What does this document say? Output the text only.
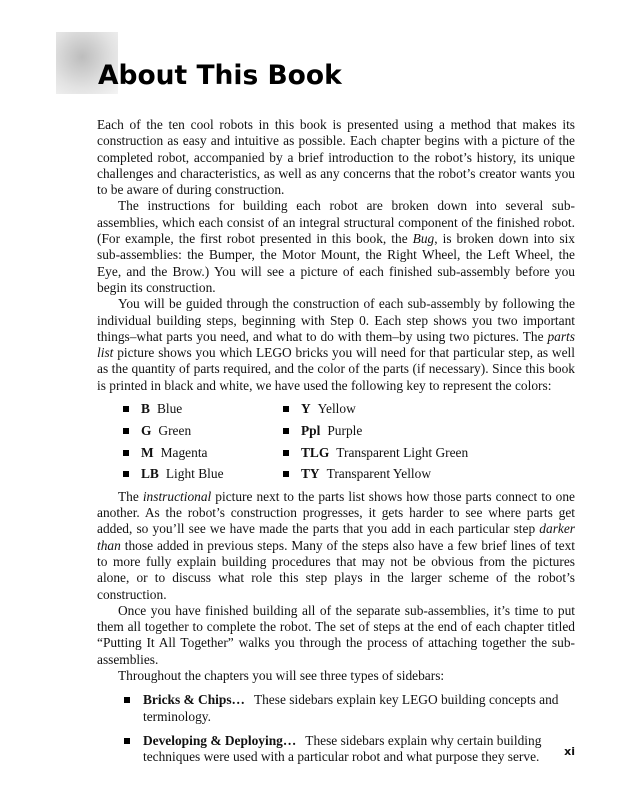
About This Book

Each of the ten cool robots in this book is presented using a method that makes its construction as easy and intuitive as possible. Each chapter begins with a picture of the completed robot, accompanied by a brief introduction to the robot’s history, its unique challenges and characteristics, as well as any concerns that the robot’s creator wants you to be aware of during construction.

The instructions for building each robot are broken down into several sub-assemblies, which each consist of an integral structural component of the finished robot. (For example, the first robot presented in this book, the Bug, is broken down into six sub-assemblies: the Bumper, the Motor Mount, the Right Wheel, the Left Wheel, the Eye, and the Brow.) You will see a picture of each finished sub-assembly before you begin its construction.

You will be guided through the construction of each sub-assembly by following the individual building steps, beginning with Step 0. Each step shows you two important things–what parts you need, and what to do with them–by using two pictures. The parts list picture shows you which LEGO bricks you will need for that particular step, as well as the quantity of parts required, and the color of the parts (if necessary). Since this book is printed in black and white, we have used the following key to represent the colors:

B Blue	Y Yellow
G Green	Ppl Purple
M Magenta	TLG Transparent Light Green
LB Light Blue	TY Transparent Yellow

The instructional picture next to the parts list shows how those parts connect to one another. As the robot’s construction progresses, it gets harder to see where parts get added, so you’ll see we have made the parts that you add in each particular step darker than those added in previous steps. Many of the steps also have a few brief lines of text to more fully explain building procedures that may not be obvious from the pictures alone, or to discuss what role this step plays in the larger scheme of the robot’s construction.

Once you have finished building all of the separate sub-assemblies, it’s time to put them all together to complete the robot. The set of steps at the end of each chapter titled “Putting It All Together” walks you through the process of attaching together the sub-assemblies.

Throughout the chapters you will see three types of sidebars:

Bricks & Chips… These sidebars explain key LEGO building concepts and terminology.
Developing & Deploying… These sidebars explain why certain building techniques were used with a particular robot and what purpose they serve.	xi
